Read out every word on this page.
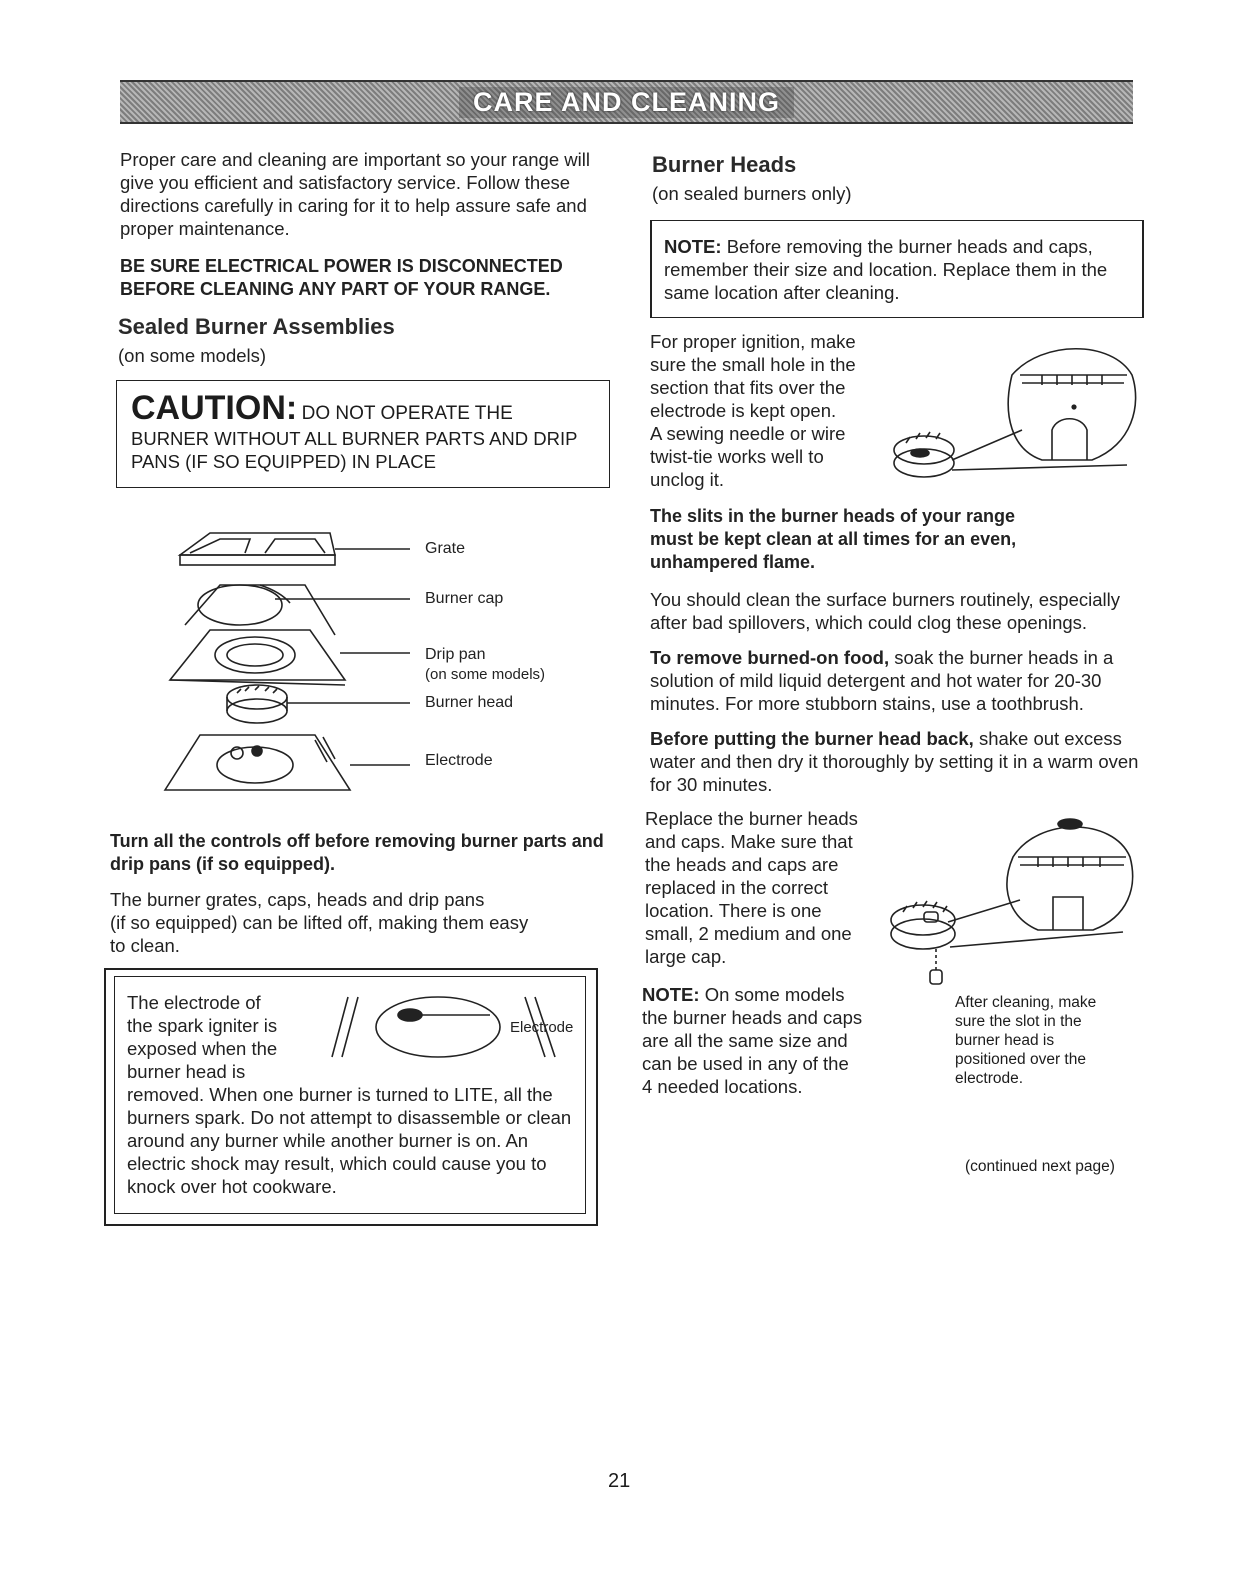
CARE AND CLEANING

Proper care and cleaning are important so your range will give you efficient and satisfactory service. Follow these directions carefully in caring for it to help assure safe and proper maintenance.

BE SURE ELECTRICAL POWER IS DISCONNECTED BEFORE CLEANING ANY PART OF YOUR RANGE.

Sealed Burner Assemblies

(on some models)

CAUTION: DO NOT OPERATE THE

BURNER WITHOUT ALL BURNER PARTS AND DRIP PANS (IF SO EQUIPPED) IN PLACE

Grate
Burner cap
Drip pan
(on some models)
Burner head
Electrode

Turn all the controls off before removing burner parts and drip pans (if so equipped).

The burner grates, caps, heads and drip pans
(if so equipped) can be lifted off, making them easy
to clean.
The electrode of
the spark igniter is
exposed when the
burner head is

removed. When one burner is turned to LITE, all the burners spark. Do not attempt to disassemble or clean around any burner while another burner is on. An electric shock may result, which could cause you to knock over hot cookware.

Electrode
Burner Heads

(on sealed burners only)

NOTE: Before removing the burner heads and caps, remember their size and location. Replace them in the same location after cleaning.

For proper ignition, make
sure the small hole in the
section that fits over the
electrode is kept open.
A sewing needle or wire
twist-tie works well to
unclog it.

The slits in the burner heads of your range must be kept clean at all times for an even, unhampered flame.

You should clean the surface burners routinely, especially after bad spillovers, which could clog these openings.

To remove burned-on food, soak the burner heads in a solution of mild liquid detergent and hot water for 20-30 minutes. For more stubborn stains, use a toothbrush.

Before putting the burner head back, shake out excess water and then dry it thoroughly by setting it in a warm oven for 30 minutes.

Replace the burner heads
and caps. Make sure that
the heads and caps are
replaced in the correct
location. There is one
small, 2 medium and one
large cap.
NOTE: On some models
the burner heads and caps
are all the same size and
can be used in any of the
4 needed locations.
After cleaning, make
sure the slot in the
burner head is
positioned over the
electrode.
(continued next page)
21
